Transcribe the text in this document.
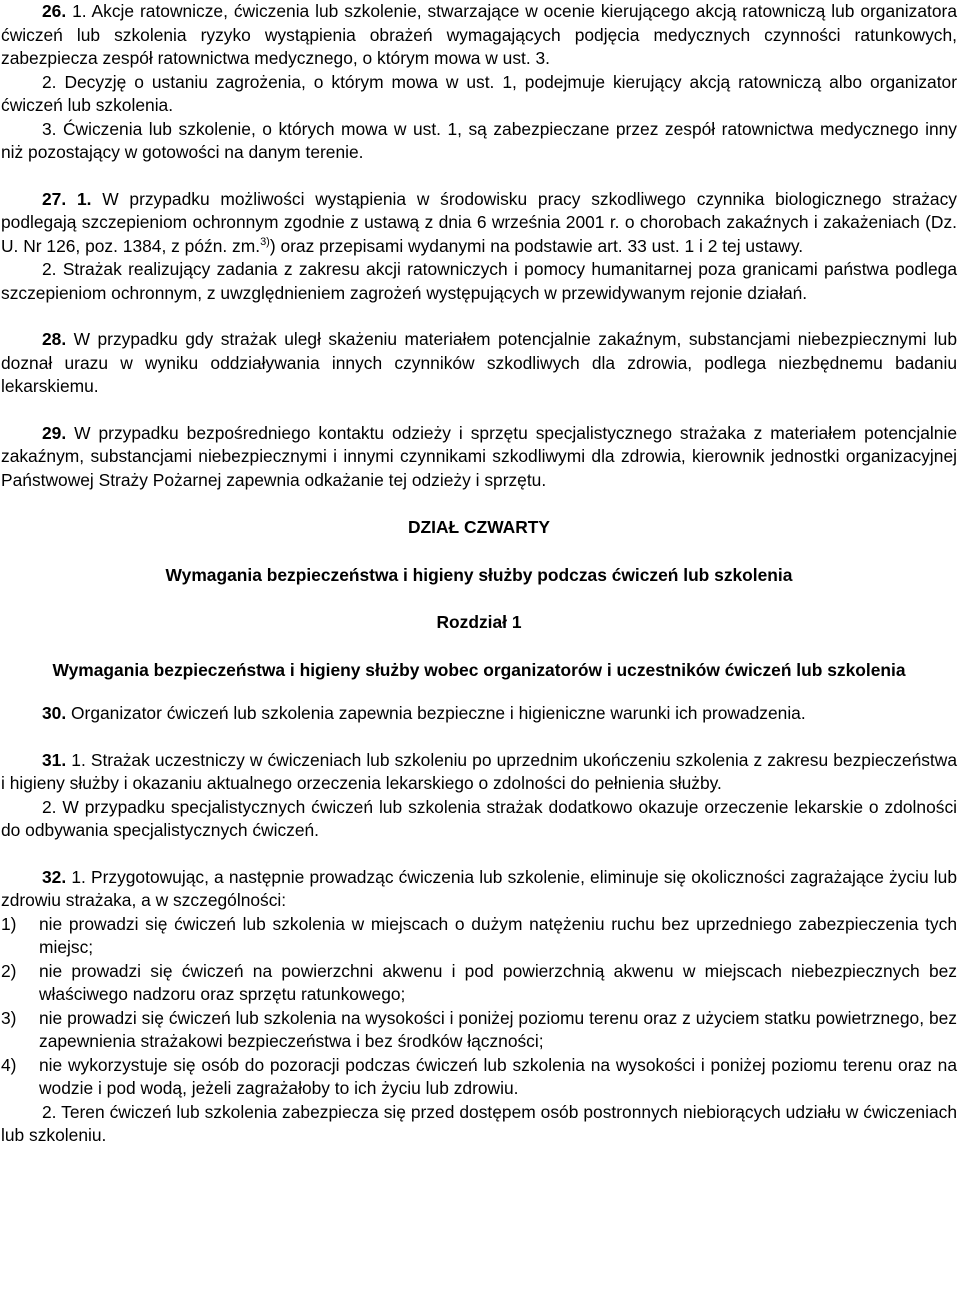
26. 1. Akcje ratownicze, ćwiczenia lub szkolenie, stwarzające w ocenie kierującego akcją ratowniczą lub organizatora ćwiczeń lub szkolenia ryzyko wystąpienia obrażeń wymagających podjęcia medycznych czynności ratunkowych, zabezpiecza zespół ratownictwa medycznego, o którym mowa w ust. 3.

2. Decyzję o ustaniu zagrożenia, o którym mowa w ust. 1, podejmuje kierujący akcją ratowniczą albo organizator ćwiczeń lub szkolenia.

3. Ćwiczenia lub szkolenie, o których mowa w ust. 1, są zabezpieczane przez zespół ratownictwa medycznego inny niż pozostający w gotowości na danym terenie.

27. 1. W przypadku możliwości wystąpienia w środowisku pracy szkodliwego czynnika biologicznego strażacy podlegają szczepieniom ochronnym zgodnie z ustawą z dnia 6 września 2001 r. o chorobach zakaźnych i zakażeniach (Dz. U. Nr 126, poz. 1384, z późn. zm.$^{3)}$) oraz przepisami wydanymi na podstawie art. 33 ust. 1 i 2 tej ustawy.

2. Strażak realizujący zadania z zakresu akcji ratowniczych i pomocy humanitarnej poza granicami państwa podlega szczepieniom ochronnym, z uwzględnieniem zagrożeń występujących w przewidywanym rejonie działań.

28. W przypadku gdy strażak uległ skażeniu materiałem potencjalnie zakaźnym, substancjami niebezpiecznymi lub doznał urazu w wyniku oddziaływania innych czynników szkodliwych dla zdrowia, podlega niezbędnemu badaniu lekarskiemu.

29. W przypadku bezpośredniego kontaktu odzieży i sprzętu specjalistycznego strażaka z materiałem potencjalnie zakaźnym, substancjami niebezpiecznymi i innymi czynnikami szkodliwymi dla zdrowia, kierownik jednostki organizacyjnej Państwowej Straży Pożarnej zapewnia odkażanie tej odzieży i sprzętu.

DZIAŁ CZWARTY

Wymagania bezpieczeństwa i higieny służby podczas ćwiczeń lub szkolenia

Rozdział 1

Wymagania bezpieczeństwa i higieny służby wobec organizatorów i uczestników ćwiczeń lub szkolenia

30. Organizator ćwiczeń lub szkolenia zapewnia bezpieczne i higieniczne warunki ich prowadzenia.

31. 1. Strażak uczestniczy w ćwiczeniach lub szkoleniu po uprzednim ukończeniu szkolenia z zakresu bezpieczeństwa i higieny służby i okazaniu aktualnego orzeczenia lekarskiego o zdolności do pełnienia służby.

2. W przypadku specjalistycznych ćwiczeń lub szkolenia strażak dodatkowo okazuje orzeczenie lekarskie o zdolności do odbywania specjalistycznych ćwiczeń.

32. 1. Przygotowując, a następnie prowadząc ćwiczenia lub szkolenie, eliminuje się okoliczności zagrażające życiu lub zdrowiu strażaka, a w szczególności:

1)	nie prowadzi się ćwiczeń lub szkolenia w miejscach o dużym natężeniu ruchu bez uprzedniego zabezpieczenia tych miejsc;
2)	nie prowadzi się ćwiczeń na powierzchni akwenu i pod powierzchnią akwenu w miejscach niebezpiecznych bez właściwego nadzoru oraz sprzętu ratunkowego;
3)	nie prowadzi się ćwiczeń lub szkolenia na wysokości i poniżej poziomu terenu oraz z użyciem statku powietrznego, bez zapewnienia strażakowi bezpieczeństwa i bez środków łączności;
4)	nie wykorzystuje się osób do pozoracji podczas ćwiczeń lub szkolenia na wysokości i poniżej poziomu terenu oraz na wodzie i pod wodą, jeżeli zagrażałoby to ich życiu lub zdrowiu.

2. Teren ćwiczeń lub szkolenia zabezpiecza się przed dostępem osób postronnych niebiorących udziału w ćwiczeniach lub szkoleniu.
